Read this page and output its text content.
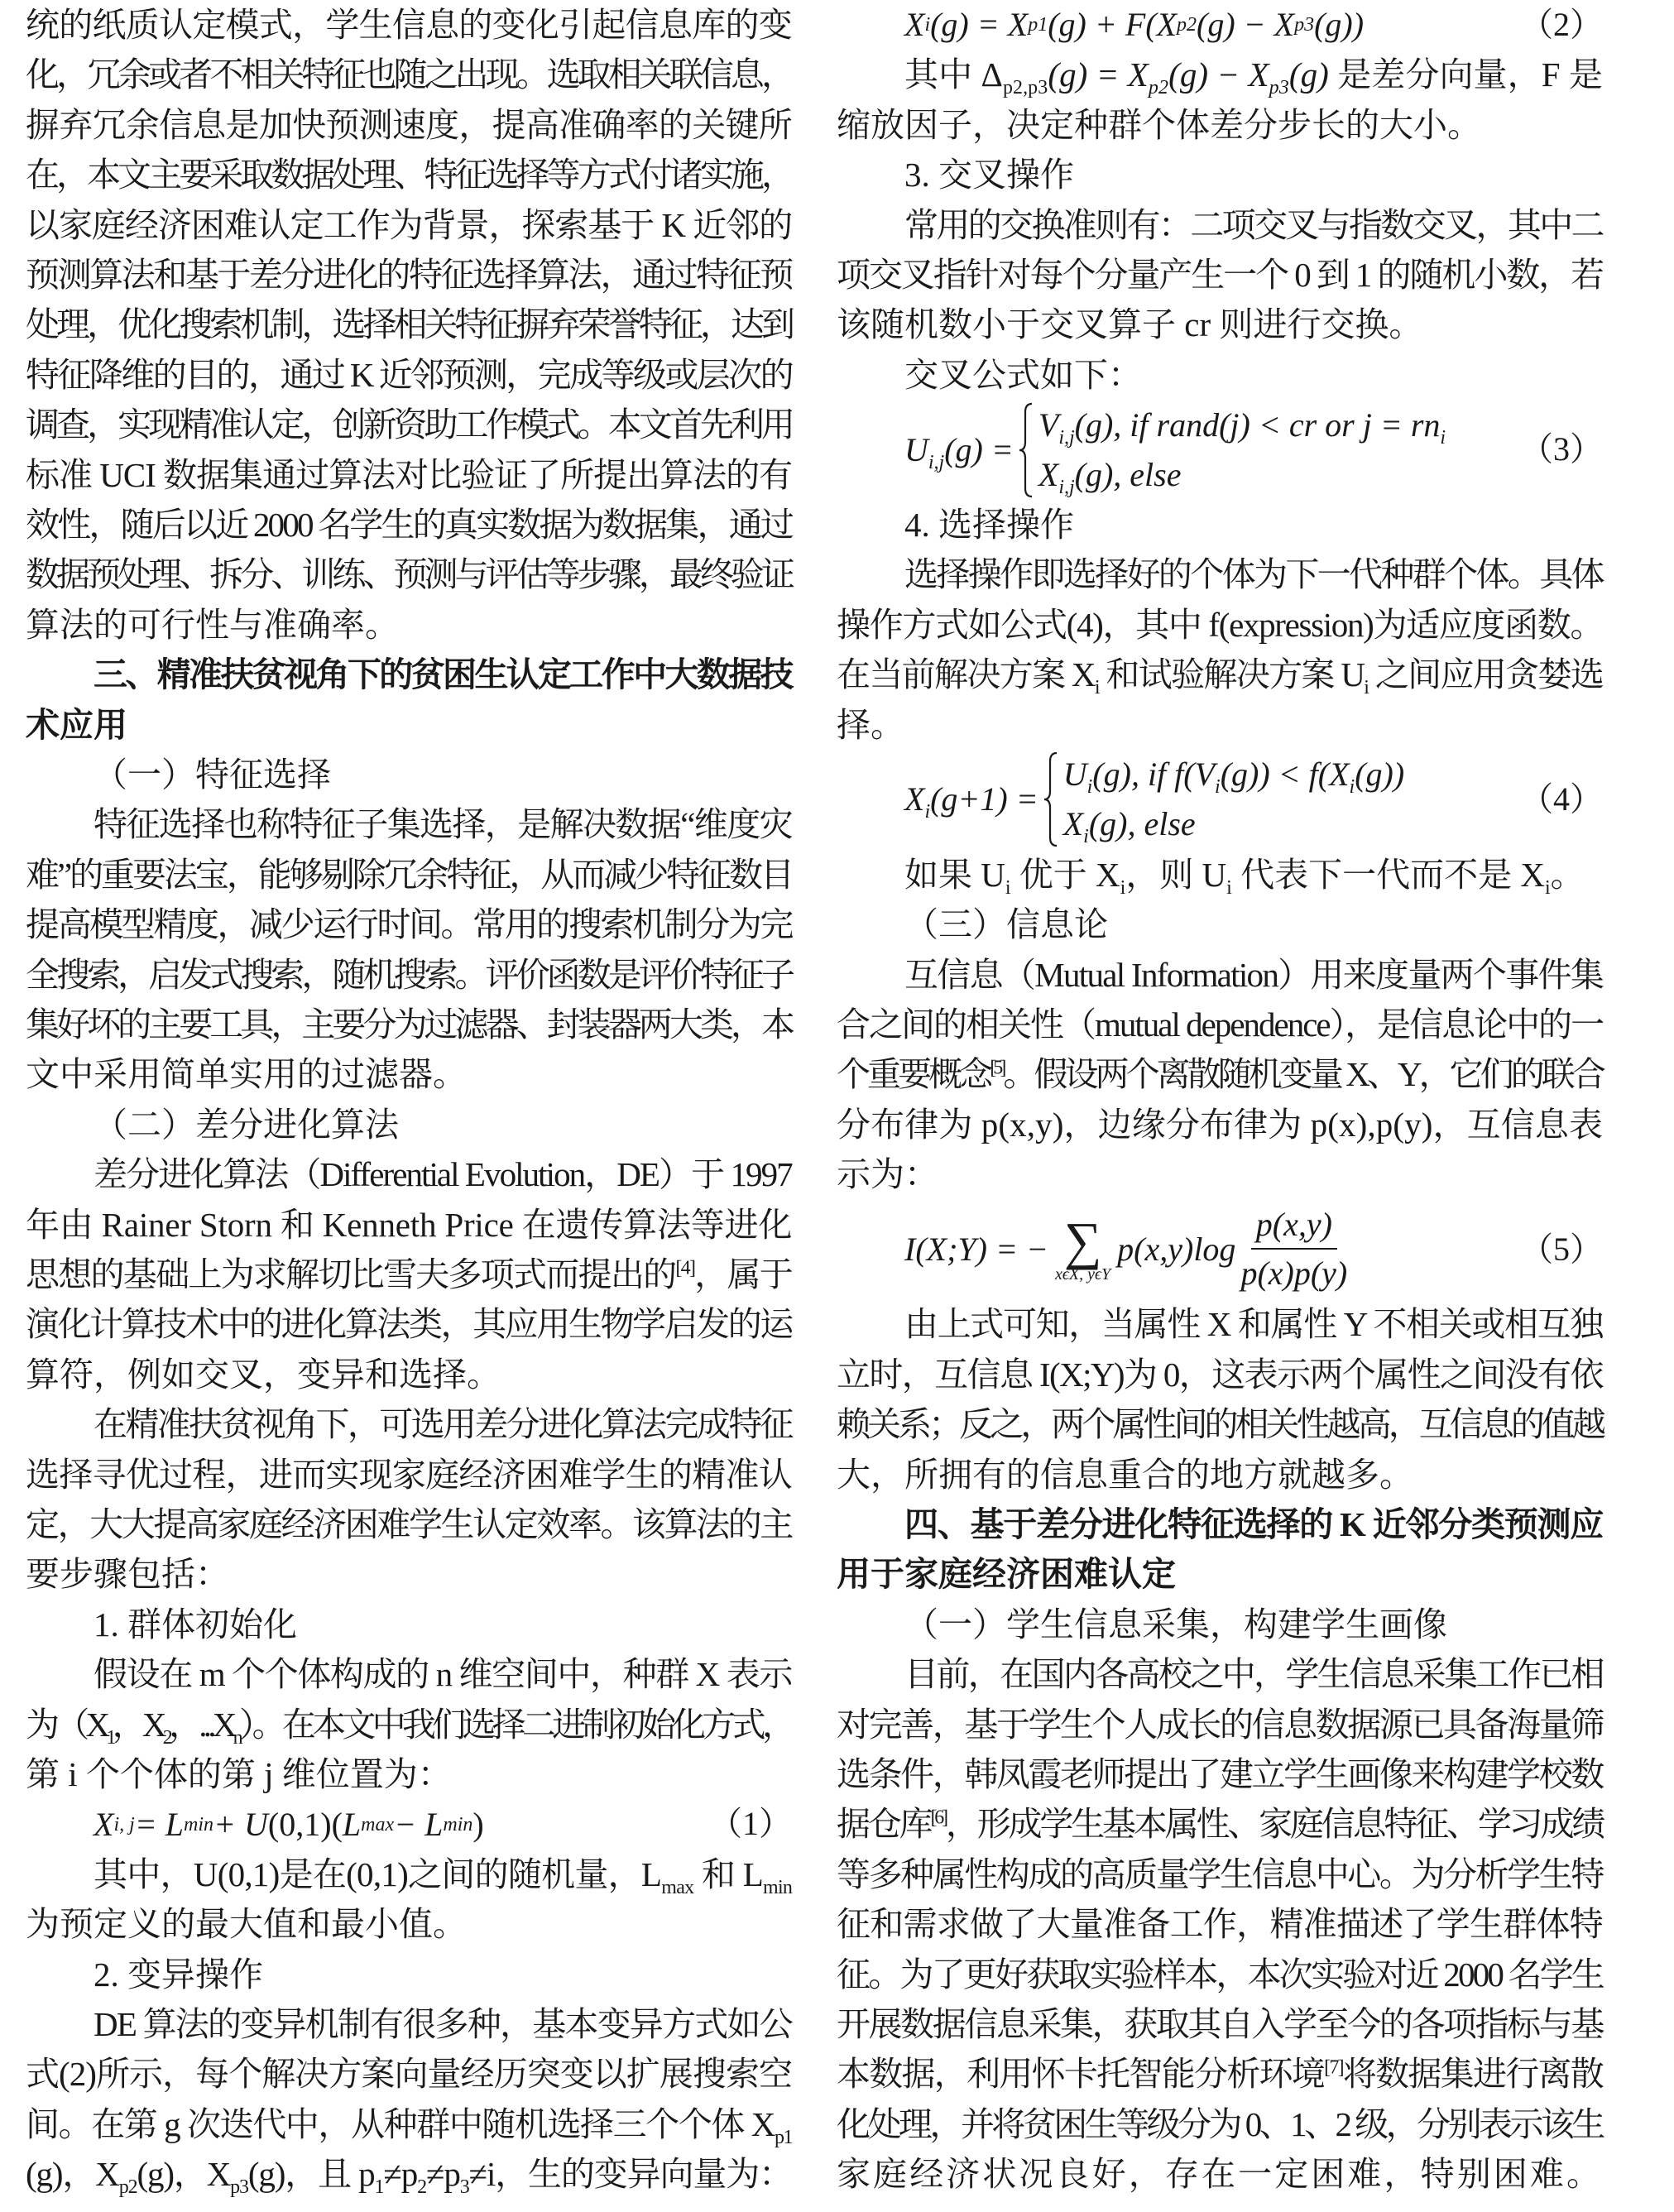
统的纸质认定模式，学生信息的变化引起信息库的变
化，冗余或者不相关特征也随之出现。选取相关联信息，
摒弃冗余信息是加快预测速度，提高准确率的关键所
在，本文主要采取数据处理、特征选择等方式付诸实施，
以家庭经济困难认定工作为背景，探索基于 K 近邻的
预测算法和基于差分进化的特征选择算法，通过特征预
处理，优化搜索机制，选择相关特征摒弃荣誉特征，达到
特征降维的目的，通过 K 近邻预测，完成等级或层次的
调查，实现精准认定，创新资助工作模式。本文首先利用
标准 UCI 数据集通过算法对比验证了所提出算法的有
效性，随后以近 2000 名学生的真实数据为数据集，通过
数据预处理、拆分、训练、预测与评估等步骤，最终验证
算法的可行性与准确率。
三、精准扶贫视角下的贫困生认定工作中大数据技
术应用
（一）特征选择
特征选择也称特征子集选择，是解决数据“维度灾
难”的重要法宝，能够剔除冗余特征，从而减少特征数目
提高模型精度，减少运行时间。常用的搜索机制分为完
全搜索，启发式搜索，随机搜索。评价函数是评价特征子
集好坏的主要工具，主要分为过滤器、封装器两大类，本
文中采用简单实用的过滤器。
（二）差分进化算法
差分进化算法（Differential Evolution，DE）于 1997
年由 Rainer Storn 和 Kenneth Price 在遗传算法等进化
思想的基础上为求解切比雪夫多项式而提出的[4]，属于
演化计算技术中的进化算法类，其应用生物学启发的运
算符，例如交叉，变异和选择。
在精准扶贫视角下，可选用差分进化算法完成特征
选择寻优过程，进而实现家庭经济困难学生的精准认
定，大大提高家庭经济困难学生认定效率。该算法的主
要步骤包括：
1. 群体初始化
假设在 m 个个体构成的 n 维空间中，种群 X 表示
为（$X_1$，$X_2$，$...X_n$）。在本文中我们选择二进制初始化方式，
第 i 个个体的第 j 维位置为：
X i, j = L min + U (0,1)( L max − L min )	（1）
其中，U(0,1)是在(0,1)之间的随机量，$L_{max}$ 和 $L_{min}$
为预定义的最大值和最小值。
2. 变异操作
DE 算法的变异机制有很多种，基本变异方式如公
式(2)所示，每个解决方案向量经历突变以扩展搜索空
间。在第 g 次迭代中，从种群中随机选择三个个体 $X_{p1}$
(g)，$X_{p2}(g)$，$X_{p3}(g)$，且 $p_1\ne p_2\ne p_3\ne i$，生的变异向量为：
X i (g) = X p1 (g) + F(X p2 (g) − X p3 (g))	（2）
其中 $\Delta_{p2,p3}(g) = X_{p2}(g) - X_{p3}(g)$ 是差分向量，F 是
缩放因子，决定种群个体差分步长的大小。
3. 交叉操作
常用的交换准则有：二项交叉与指数交叉，其中二
项交叉指针对每个分量产生一个 0 到 1 的随机小数，若
该随机数小于交叉算子 cr 则进行交换。
交叉公式如下：
$U_{i,j}(g)$ =
$V_{i,j}(g)$, if rand(j) < cr or $j = rn_i$
$X_{i,j}(g)$, else
（3）
4. 选择操作
选择操作即选择好的个体为下一代种群个体。具体
操作方式如公式(4)，其中 f(expression)为适应度函数。
在当前解决方案 $X_i$ 和试验解决方案 $U_i$ 之间应用贪婪选
择。
$X_i(g+1)$ =
$U_i(g)$, if $f(V_i(g)) < f(X_i(g))$
$X_i(g)$, else
（4）
如果 $U_i$ 优于 $X_i$，则 $U_i$ 代表下一代而不是 $X_i$。
（三）信息论
互信息（Mutual Information）用来度量两个事件集
合之间的相关性（mutual dependence），是信息论中的一
个重要概念[5]。假设两个离散随机变量 X、Y，它们的联合
分布律为 p(x,y)，边缘分布律为 p(x),p(y)，互信息表
示为：
I(X;Y) = − ∑
xϵX, yϵY
$p(x,y)\log \frac{p(x,y)}{p(x)p(y)}$	（5）
由上式可知，当属性 X 和属性 Y 不相关或相互独
立时，互信息 I(X;Y)为 0，这表示两个属性之间没有依
赖关系；反之，两个属性间的相关性越高，互信息的值越
大，所拥有的信息重合的地方就越多。
四、基于差分进化特征选择的 K 近邻分类预测应
用于家庭经济困难认定
（一）学生信息采集，构建学生画像
目前，在国内各高校之中，学生信息采集工作已相
对完善，基于学生个人成长的信息数据源已具备海量筛
选条件，韩凤霞老师提出了建立学生画像来构建学校数
据仓库[6]，形成学生基本属性、家庭信息特征、学习成绩
等多种属性构成的高质量学生信息中心。为分析学生特
征和需求做了大量准备工作，精准描述了学生群体特
征。为了更好获取实验样本，本次实验对近 2000 名学生
开展数据信息采集，获取其自入学至今的各项指标与基
本数据，利用怀卡托智能分析环境[7]将数据集进行离散
化处理，并将贫困生等级分为 0、1、2 级，分别表示该生
家庭经济状况良好，存在一定困难，特别困难。
